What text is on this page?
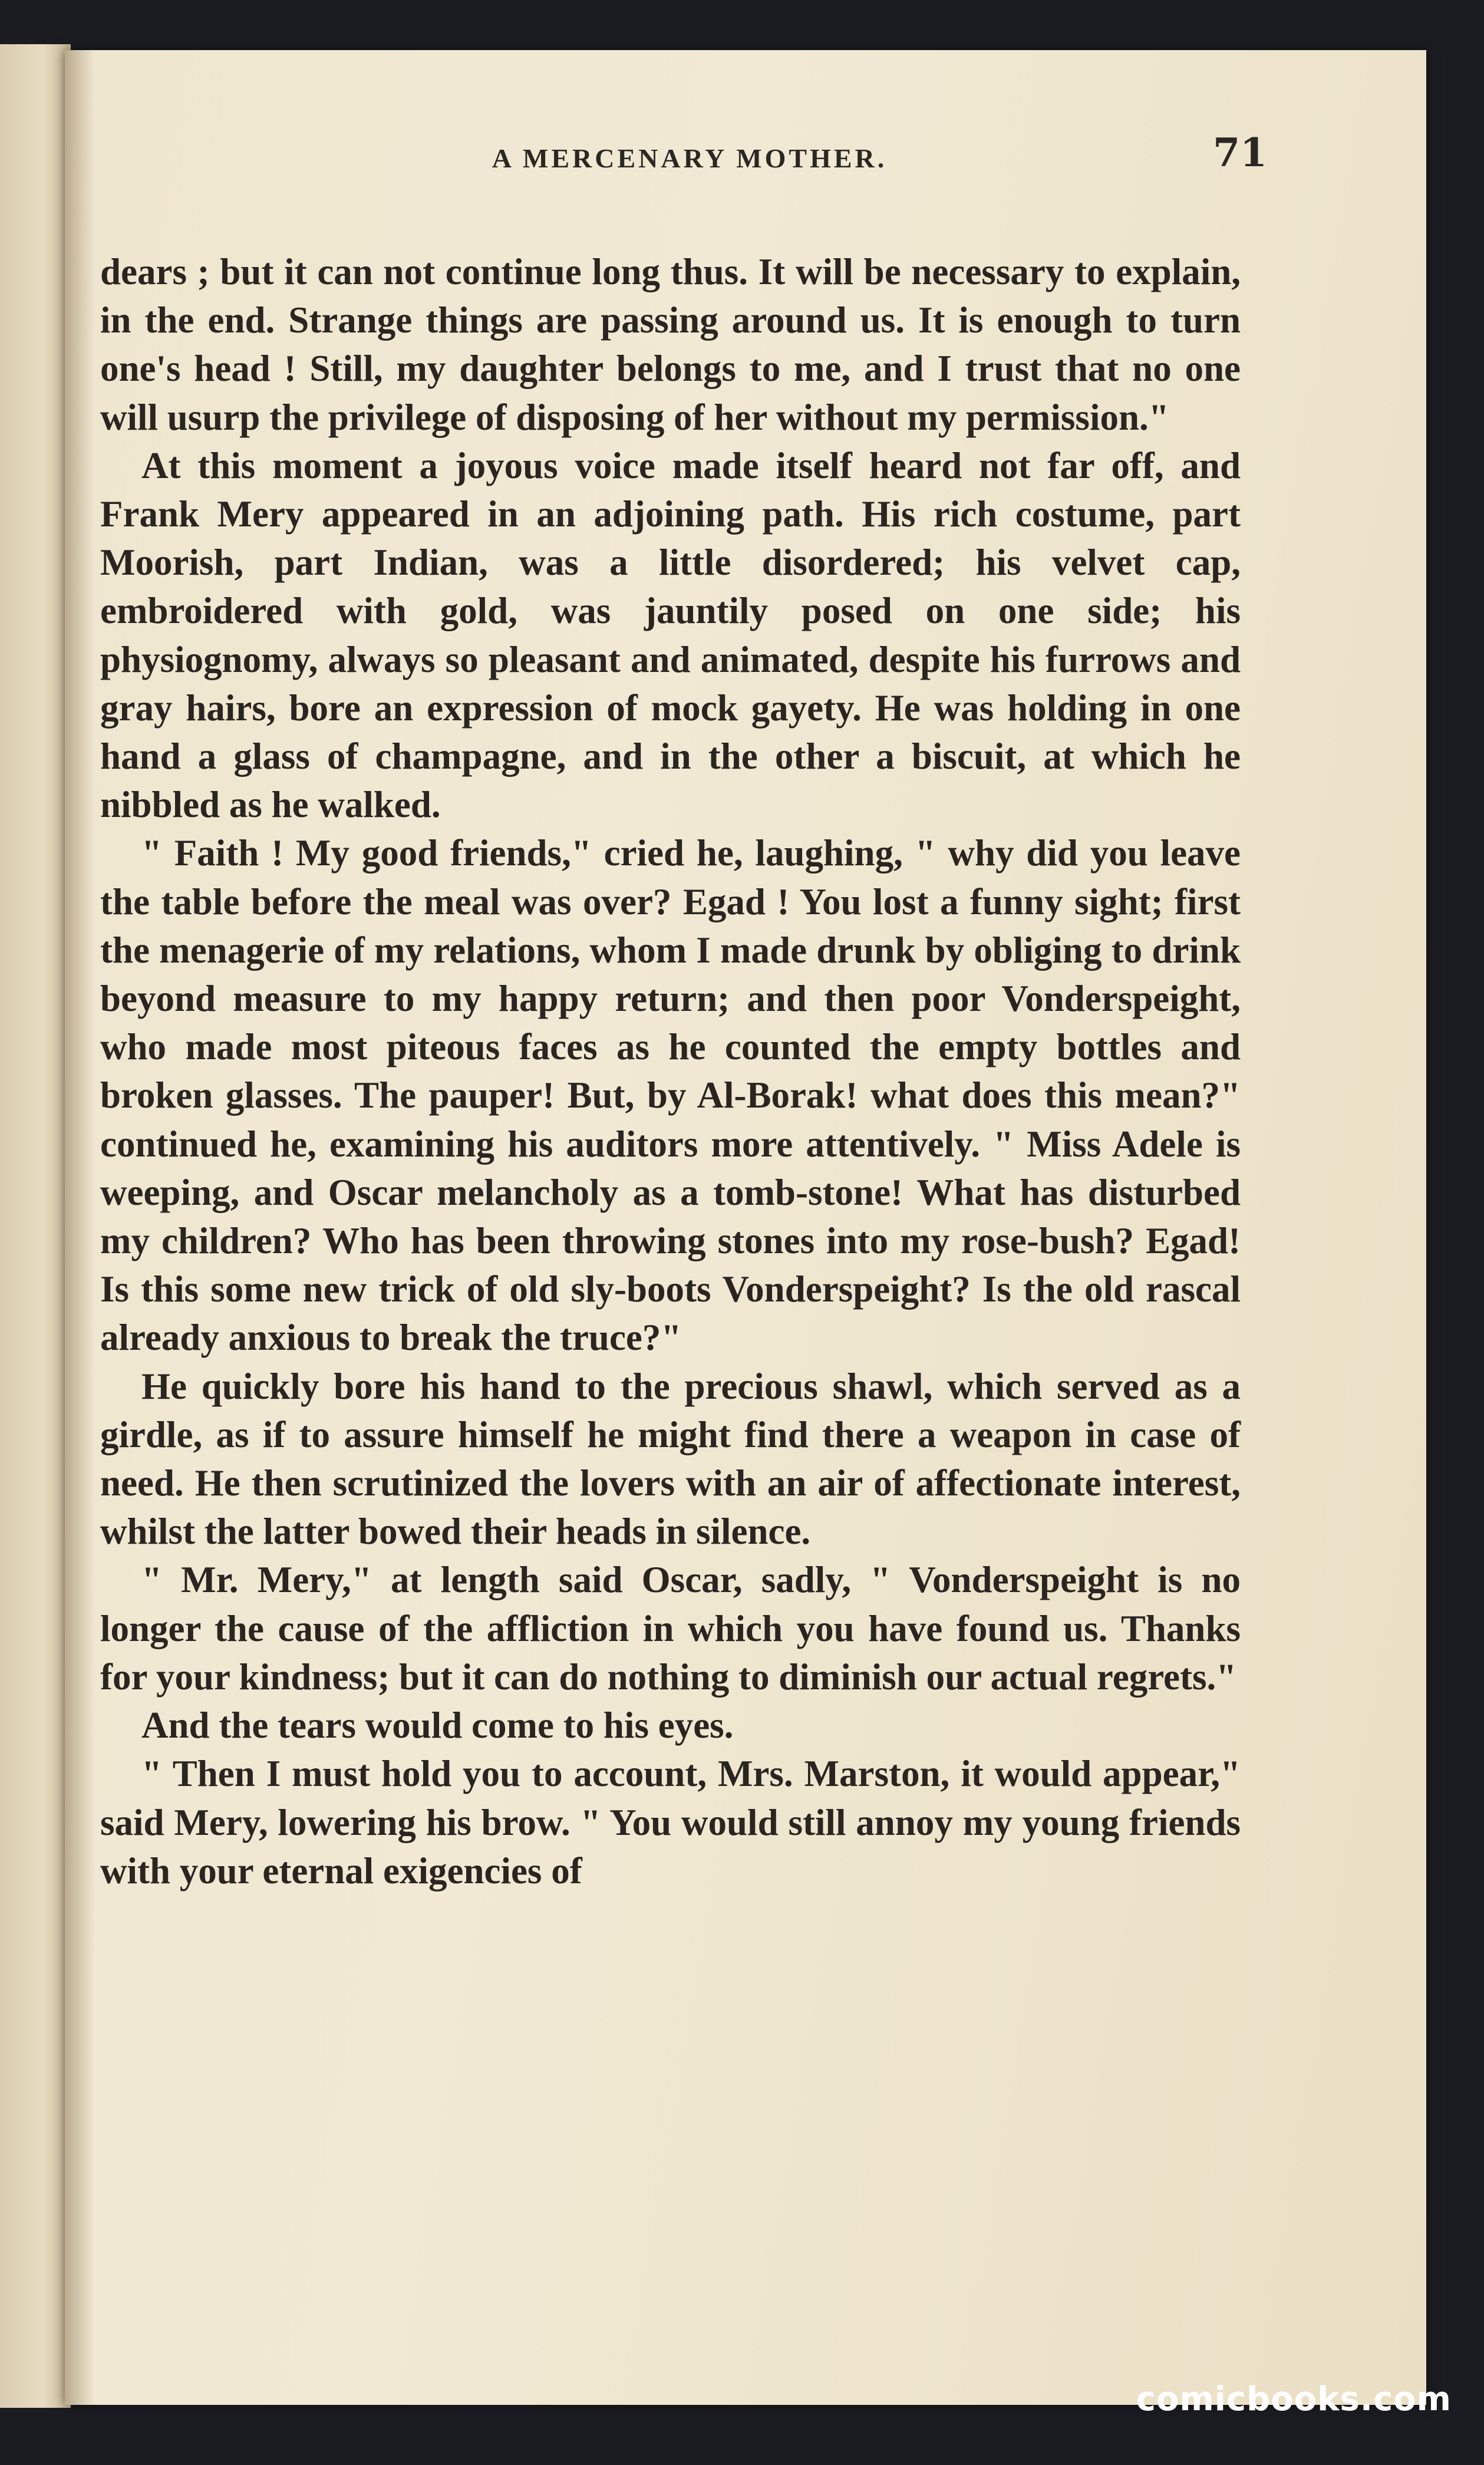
A MERCENARY MOTHER.	71

dears ; but it can not continue long thus. It will be necessary to explain, in the end. Strange things are passing around us. It is enough to turn one's head ! Still, my daughter belongs to me, and I trust that no one will usurp the privilege of disposing of her without my permission."

At this moment a joyous voice made itself heard not far off, and Frank Mery appeared in an adjoining path. His rich costume, part Moorish, part Indian, was a little disordered; his velvet cap, embroidered with gold, was jauntily posed on one side; his physiognomy, always so pleasant and animated, despite his furrows and gray hairs, bore an expression of mock gayety. He was holding in one hand a glass of champagne, and in the other a biscuit, at which he nibbled as he walked.

" Faith ! My good friends," cried he, laughing, " why did you leave the table before the meal was over? Egad ! You lost a funny sight; first the menagerie of my relations, whom I made drunk by obliging to drink beyond measure to my happy return; and then poor Vonderspeight, who made most piteous faces as he counted the empty bottles and broken glasses. The pauper! But, by Al-Borak! what does this mean?" continued he, examining his auditors more attentively. " Miss Adele is weeping, and Oscar melancholy as a tomb-stone! What has disturbed my children? Who has been throwing stones into my rose-bush? Egad! Is this some new trick of old sly-boots Vonderspeight? Is the old rascal already anxious to break the truce?"

He quickly bore his hand to the precious shawl, which served as a girdle, as if to assure himself he might find there a weapon in case of need. He then scrutinized the lovers with an air of affectionate interest, whilst the latter bowed their heads in silence.

" Mr. Mery," at length said Oscar, sadly, " Vonderspeight is no longer the cause of the affliction in which you have found us. Thanks for your kindness; but it can do nothing to diminish our actual regrets."

And the tears would come to his eyes.

" Then I must hold you to account, Mrs. Marston, it would appear," said Mery, lowering his brow. " You would still annoy my young friends with your eternal exigencies of

comicbooks.com
